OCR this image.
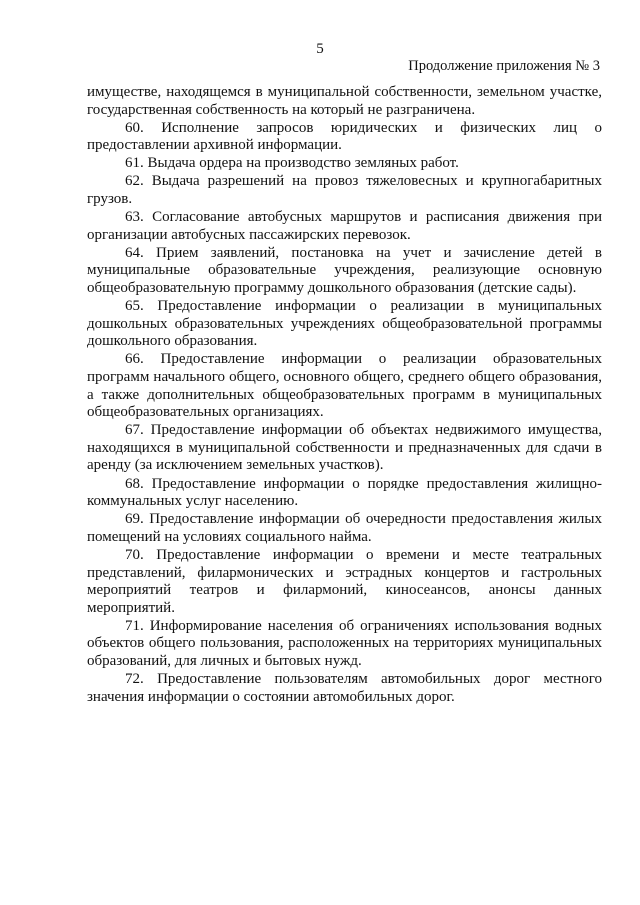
5
Продолжение приложения № 3

имуществе, находящемся в муниципальной собственности, земельном участке, государственная собственность на который не разграничена.

60. Исполнение запросов юридических и физических лиц о предоставлении архивной информации.

61. Выдача ордера на производство земляных работ.

62. Выдача разрешений на провоз тяжеловесных и крупногабаритных грузов.

63. Согласование автобусных маршрутов и расписания движения при организации автобусных пассажирских перевозок.

64. Прием заявлений, постановка на учет и зачисление детей в муниципальные образовательные учреждения, реализующие основную общеобразовательную программу дошкольного образования (детские сады).

65. Предоставление информации о реализации в муниципальных дошкольных образовательных учреждениях общеобразовательной программы дошкольного образования.

66. Предоставление информации о реализации образовательных программ начального общего, основного общего, среднего общего образования, а также дополнительных общеобразовательных программ в муниципальных общеобразовательных организациях.

67. Предоставление информации об объектах недвижимого имущества, находящихся в муниципальной собственности и предназначенных для сдачи в аренду (за исключением земельных участков).

68. Предоставление информации о порядке предоставления жилищно-коммунальных услуг населению.

69. Предоставление информации об очередности предоставления жилых помещений на условиях социального найма.

70. Предоставление информации о времени и месте театральных представлений, филармонических и эстрадных концертов и гастрольных мероприятий театров и филармоний, киносеансов, анонсы данных мероприятий.

71. Информирование населения об ограничениях использования водных объектов общего пользования, расположенных на территориях муниципальных образований, для личных и бытовых нужд.

72. Предоставление пользователям автомобильных дорог местного значения информации о состоянии автомобильных дорог.
